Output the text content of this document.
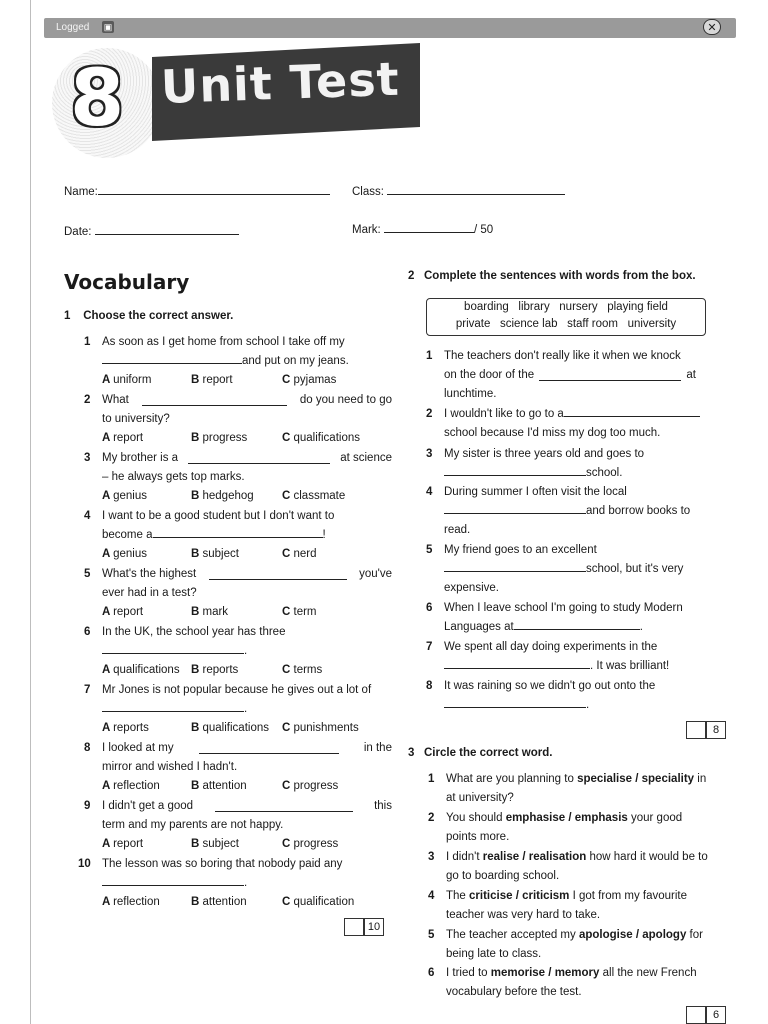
Logged ▣	✕
8 Unit Test
Name:	Class:
Date:	Mark:	/ 50
Vocabulary
1 Choose the correct answer.
1 As soon as I get home from school I take off my
and put on my jeans.
A uniform	B report	C pyjamas
2 What	do you need to go
to university?
A report	B progress	C qualifications
3 My brother is a	at science
– he always gets top marks.
A genius	B hedgehog C classmate
4 I want to be a good student but I don't want to
become a	!
A genius	B subject	C nerd
5 What's the highest	you've
ever had in a test?
A report	B mark	C term
6 In the UK, the school year has three
.
A qualifications B reports	C terms
7 Mr Jones is not popular because he gives out a lot of
.
A reports	B qualifications C punishments
8 I looked at my	in the
mirror and wished I hadn't.
A reflection	B attention	C progress
9 I didn't get a good	this
term and my parents are not happy.
A report	B subject	C progress
10 The lesson was so boring that nobody paid any
.
A reflection	B attention	C qualification
10
2 Complete the sentences with words from the box.
boarding   library   nursery   playing field
private   science lab   staff room   university
1 The teachers don't really like it when we knock
on the door of the	at
lunchtime.
2 I wouldn't like to go to a
school because I'd miss my dog too much.
3 My sister is three years old and goes to
school.
4 During summer I often visit the local
and borrow books to
read.
5 My friend goes to an excellent
school, but it's very
expensive.
6 When I leave school I'm going to study Modern
Languages at	.
7 We spent all day doing experiments in the
. It was brilliant!
8 It was raining so we didn't go out onto the
.
8
3 Circle the correct word.
1 What are you planning to specialise / speciality in
at university?
2 You should emphasise / emphasis your good
points more.
3 I didn't realise / realisation how hard it would be to
go to boarding school.
4 The criticise / criticism I got from my favourite
teacher was very hard to take.
5 The teacher accepted my apologise / apology for
being late to class.
6 I tried to memorise / memory all the new French
vocabulary before the test.
6
